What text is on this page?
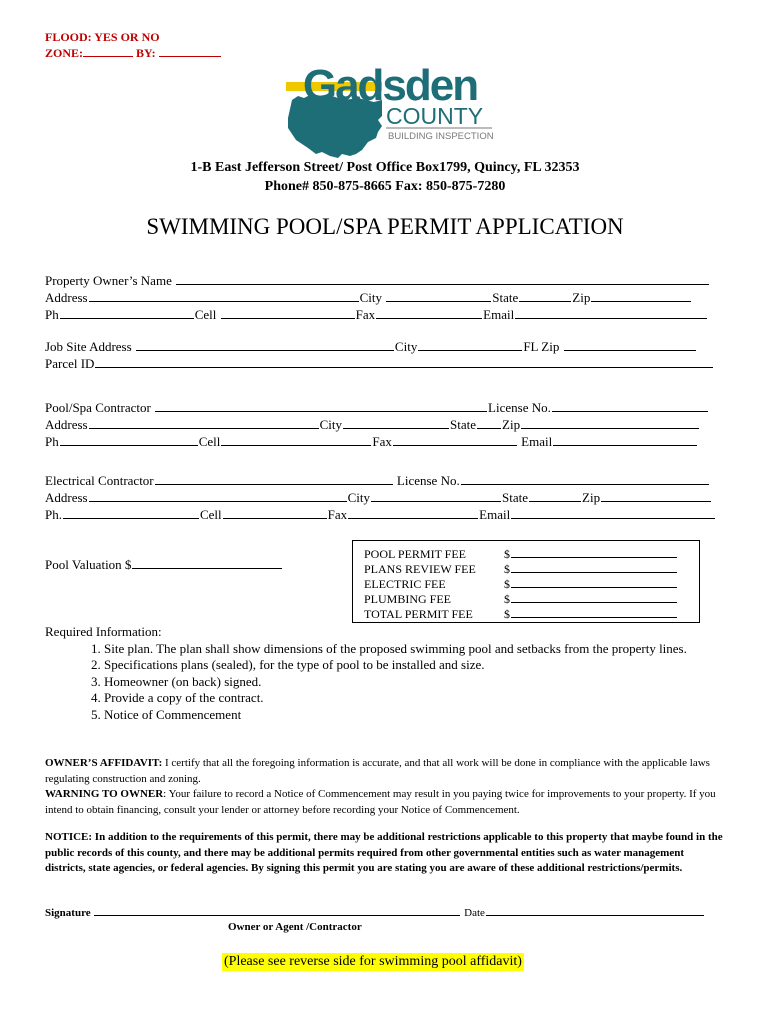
FLOOD: YES OR NO
ZONE:	BY:
Gadsden
COUNTY
BUILDING INSPECTION
1-B East Jefferson Street/ Post Office Box1799, Quincy, FL 32353
Phone# 850-875-8665 Fax: 850-875-7280
SWIMMING POOL/SPA PERMIT APPLICATION
Property Owner’s Name
Address	City	State	Zip
Ph	Cell	Fax	Email
Job Site Address	City	FL Zip
Parcel ID
Pool/Spa Contractor	License No.
Address	City	State Zip
Ph	Cell	Fax	Email
Electrical Contractor	License No.
Address	City	State	Zip
Ph.	Cell	Fax	Email
Pool Valuation $
POOL PERMIT FEE	$
PLANS REVIEW FEE $
ELECTRIC FEE	$
PLUMBING FEE	$
TOTAL PERMIT FEE	$
Required Information:
1. Site plan. The plan shall show dimensions of the proposed swimming pool and setbacks from the property lines.
2. Specifications plans (sealed), for the type of pool to be installed and size.
3. Homeowner (on back) signed.
4. Provide a copy of the contract.
5. Notice of Commencement
OWNER’S AFFIDAVIT: I certify that all the foregoing information is accurate, and that all work will be done in compliance with the applicable laws regulating construction and zoning.
WARNING TO OWNER: Your failure to record a Notice of Commencement may result in you paying twice for improvements to your property. If you intend to obtain financing, consult your lender or attorney before recording your Notice of Commencement.
NOTICE: In addition to the requirements of this permit, there may be additional restrictions applicable to this property that maybe found in the public records of this county, and there may be additional permits required from other governmental entities such as water management districts, state agencies, or federal agencies. By signing this permit you are stating you are aware of these additional restrictions/permits.
Signature	Date
Owner or Agent /Contractor
(Please see reverse side for swimming pool affidavit)
